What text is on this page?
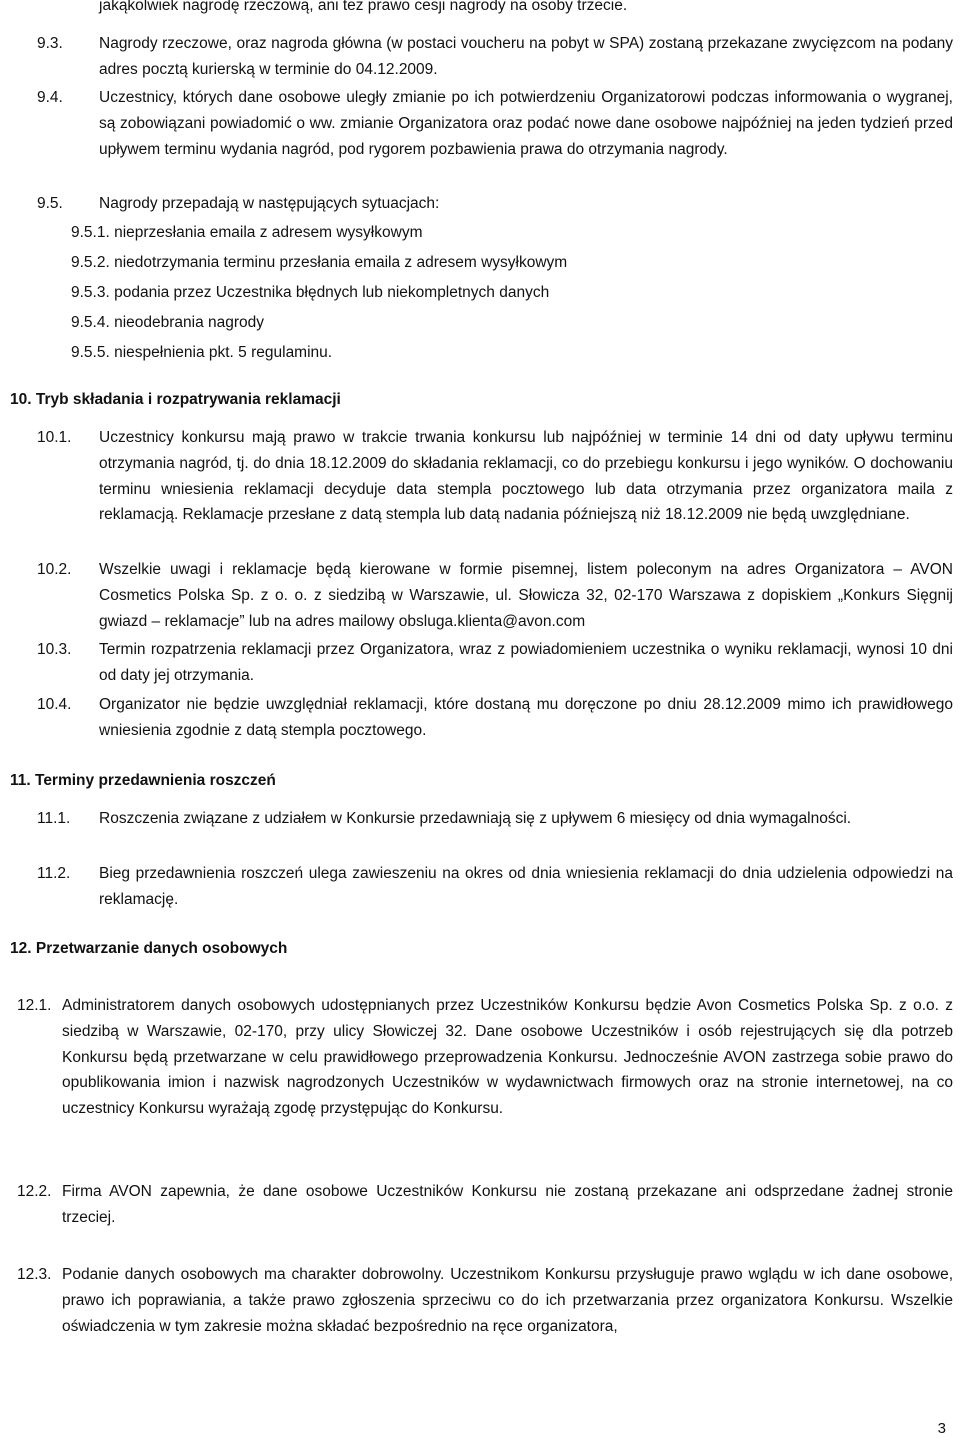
jakąkolwiek nagrodę rzeczową, ani też prawo cesji nagrody na osoby trzecie.
9.3. Nagrody rzeczowe, oraz nagroda główna (w postaci voucheru na pobyt w SPA) zostaną przekazane zwycięzcom na podany adres pocztą kurierską w terminie do 04.12.2009.
9.4. Uczestnicy, których dane osobowe uległy zmianie po ich potwierdzeniu Organizatorowi podczas informowania o wygranej, są zobowiązani powiadomić o ww. zmianie Organizatora oraz podać nowe dane osobowe najpóźniej na jeden tydzień przed upływem terminu wydania nagród, pod rygorem pozbawienia prawa do otrzymania nagrody.
9.5. Nagrody przepadają w następujących sytuacjach:
9.5.1. nieprzesłania emaila z adresem wysyłkowym
9.5.2. niedotrzymania terminu przesłania emaila z adresem wysyłkowym
9.5.3. podania przez Uczestnika błędnych lub niekompletnych danych
9.5.4. nieodebrania nagrody
9.5.5. niespełnienia pkt. 5 regulaminu.
10. Tryb składania i rozpatrywania reklamacji
10.1. Uczestnicy konkursu mają prawo w trakcie trwania konkursu lub najpóźniej w terminie 14 dni od daty upływu terminu otrzymania nagród, tj. do dnia 18.12.2009 do składania reklamacji, co do przebiegu konkursu i jego wyników. O dochowaniu terminu wniesienia reklamacji decyduje data stempla pocztowego lub data otrzymania przez organizatora maila z reklamacją. Reklamacje przesłane z datą stempla lub datą nadania późniejszą niż 18.12.2009 nie będą uwzględniane.
10.2. Wszelkie uwagi i reklamacje będą kierowane w formie pisemnej, listem poleconym na adres Organizatora – AVON Cosmetics Polska Sp. z o. o. z siedzibą w Warszawie, ul. Słowicza 32, 02-170 Warszawa z dopiskiem „Konkurs Sięgnij gwiazd – reklamacje” lub na adres mailowy obsluga.klienta@avon.com
10.3. Termin rozpatrzenia reklamacji przez Organizatora, wraz z powiadomieniem uczestnika o wyniku reklamacji, wynosi 10 dni od daty jej otrzymania.
10.4. Organizator nie będzie uwzględniał reklamacji, które dostaną mu doręczone po dniu 28.12.2009 mimo ich prawidłowego wniesienia zgodnie z datą stempla pocztowego.
11. Terminy przedawnienia roszczeń
11.1. Roszczenia związane z udziałem w Konkursie przedawniają się z upływem 6 miesięcy od dnia wymagalności.
11.2. Bieg przedawnienia roszczeń ulega zawieszeniu na okres od dnia wniesienia reklamacji do dnia udzielenia odpowiedzi na reklamację.
12. Przetwarzanie danych osobowych
12.1. Administratorem danych osobowych udostępnianych przez Uczestników Konkursu będzie Avon Cosmetics Polska Sp. z o.o. z siedzibą w Warszawie, 02-170, przy ulicy Słowiczej 32. Dane osobowe Uczestników i osób rejestrujących się dla potrzeb Konkursu będą przetwarzane w celu prawidłowego przeprowadzenia Konkursu. Jednocześnie AVON zastrzega sobie prawo do opublikowania imion i nazwisk nagrodzonych Uczestników w wydawnictwach firmowych oraz na stronie internetowej, na co uczestnicy Konkursu wyrażają zgodę przystępując do Konkursu.
12.2. Firma AVON zapewnia, że dane osobowe Uczestników Konkursu nie zostaną przekazane ani odsprzedane żadnej stronie trzeciej.
12.3. Podanie danych osobowych ma charakter dobrowolny. Uczestnikom Konkursu przysługuje prawo wglądu w ich dane osobowe, prawo ich poprawiania, a także prawo zgłoszenia sprzeciwu co do ich przetwarzania przez organizatora Konkursu. Wszelkie oświadczenia w tym zakresie można składać bezpośrednio na ręce organizatora,
3
